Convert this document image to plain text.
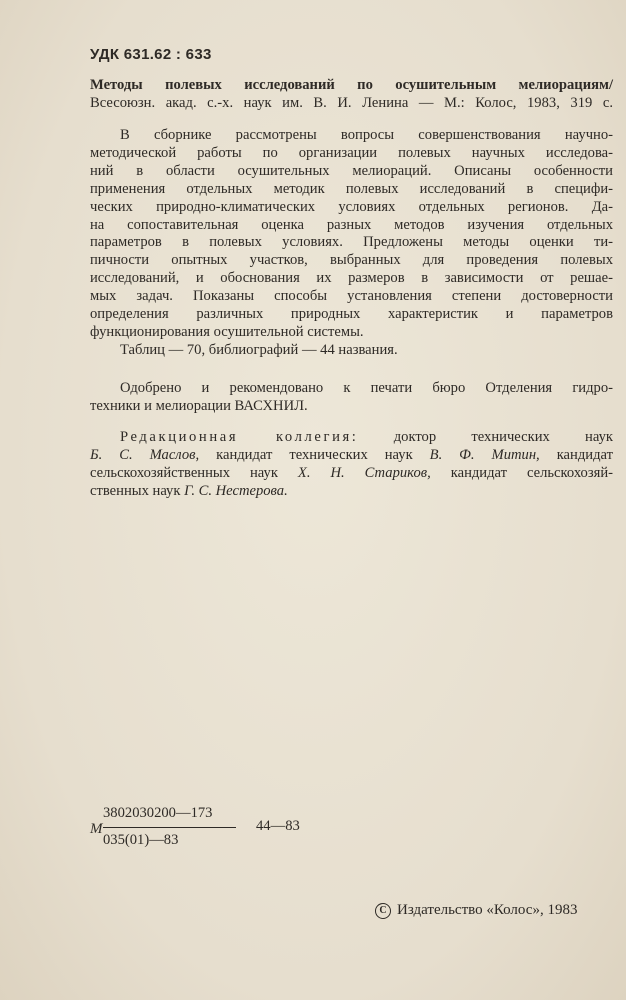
УДК 631.62 : 633
Методы полевых исследований по осушительным мелиорациям/
Всесоюзн. акад. с.-х. наук им. В. И. Ленина — М.: Колос, 1983, 319 с.
В сборнике рассмотрены вопросы совершенствования научно-
методической работы по организации полевых научных исследова-
ний в области осушительных мелиораций. Описаны особенности
применения отдельных методик полевых исследований в специфи-
ческих природно-климатических условиях отдельных регионов. Да-
на сопоставительная оценка разных методов изучения отдельных
параметров в полевых условиях. Предложены методы оценки ти-
пичности опытных участков, выбранных для проведения полевых
исследований, и обоснования их размеров в зависимости от решае-
мых задач. Показаны способы установления степени достоверности
определения различных природных характеристик и параметров
функционирования осушительной системы.
Таблиц — 70, библиографий — 44 названия.
Одобрено и рекомендовано к печати бюро Отделения гидро-
техники и мелиорации ВАСХНИЛ.
Редакционная коллегия: доктор технических наук
Б. С. Маслов, кандидат технических наук В. Ф. Митин, кандидат
сельскохозяйственных наук Х. Н. Стариков, кандидат сельскохозяй-
ственных наук Г. С. Нестерова.
М
3802030200—173
035(01)—83
44—83
C Издательство «Колос», 1983
